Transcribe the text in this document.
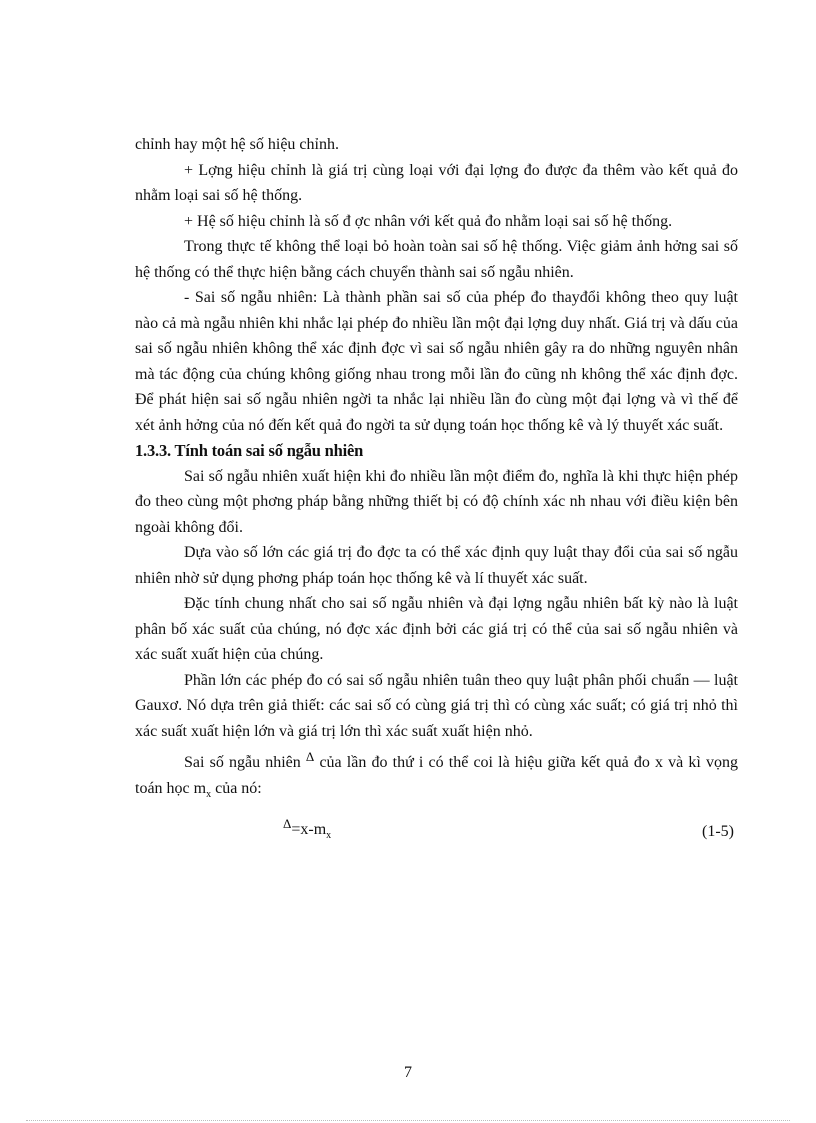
chỉnh hay một hệ số hiệu chỉnh.

+ Lợng hiệu chỉnh là giá trị cùng loại với đại lợng đo được đa thêm vào kết quả đo nhằm loại sai số hệ thống.

+ Hệ số hiệu chỉnh là số đ ợc nhân với kết quả đo nhằm loại sai số hệ thống.

Trong thực tế không thể loại bỏ hoàn toàn sai số hệ thống. Việc giảm ảnh hởng sai số hệ thống có thể thực hiện bằng cách chuyển thành sai số ngẫu nhiên.

- Sai số ngẫu nhiên: Là thành phần sai số của phép đo thayđổi không theo quy luật nào cả mà ngẫu nhiên khi nhắc lại phép đo nhiều lần một đại lợng duy nhất. Giá trị và dấu của sai số ngẫu nhiên không thể xác định đợc vì sai số ngẫu nhiên gây ra do những nguyên nhân mà tác động của chúng không giống nhau trong mỗi lần đo cũng nh không thể xác định đợc. Để phát hiện sai số ngẫu nhiên ngời ta nhắc lại nhiều lần đo cùng một đại lợng và vì thế để xét ảnh hởng của nó đến kết quả đo ngời ta sử dụng toán học thống kê và lý thuyết xác suất.

1.3.3. Tính toán sai số ngẫu nhiên

Sai số ngẫu nhiên xuất hiện khi đo nhiều lần một điểm đo, nghĩa là khi thực hiện phép đo theo cùng một phơng pháp bằng những thiết bị có độ chính xác nh nhau với điều kiện bên ngoài không đổi.

Dựa vào số lớn các giá trị đo đợc ta có thể xác định quy luật thay đổi của sai số ngẫu nhiên nhờ sử dụng phơng pháp toán học thống kê và lí thuyết xác suất.

Đặc tính chung nhất cho sai số ngẫu nhiên và đại lợng ngẫu nhiên bất kỳ nào là luật phân bố xác suất của chúng, nó đợc xác định bởi các giá trị có thể của sai số ngẫu nhiên và xác suất xuất hiện của chúng.

Phần lớn các phép đo có sai số ngẫu nhiên tuân theo quy luật phân phối chuẩn — luật Gauxơ. Nó dựa trên giả thiết: các sai số có cùng giá trị thì có cùng xác suất; có giá trị nhỏ thì xác suất xuất hiện lớn và giá trị lớn thì xác suất xuất hiện nhỏ.

Sai số ngẫu nhiên $^\Delta$ của lần đo thứ i có thể coi là hiệu giữa kết quả đo x và kì vọng toán học $m_x$ của nó:

$^\Delta=x-m_x$	(1-5)
7
